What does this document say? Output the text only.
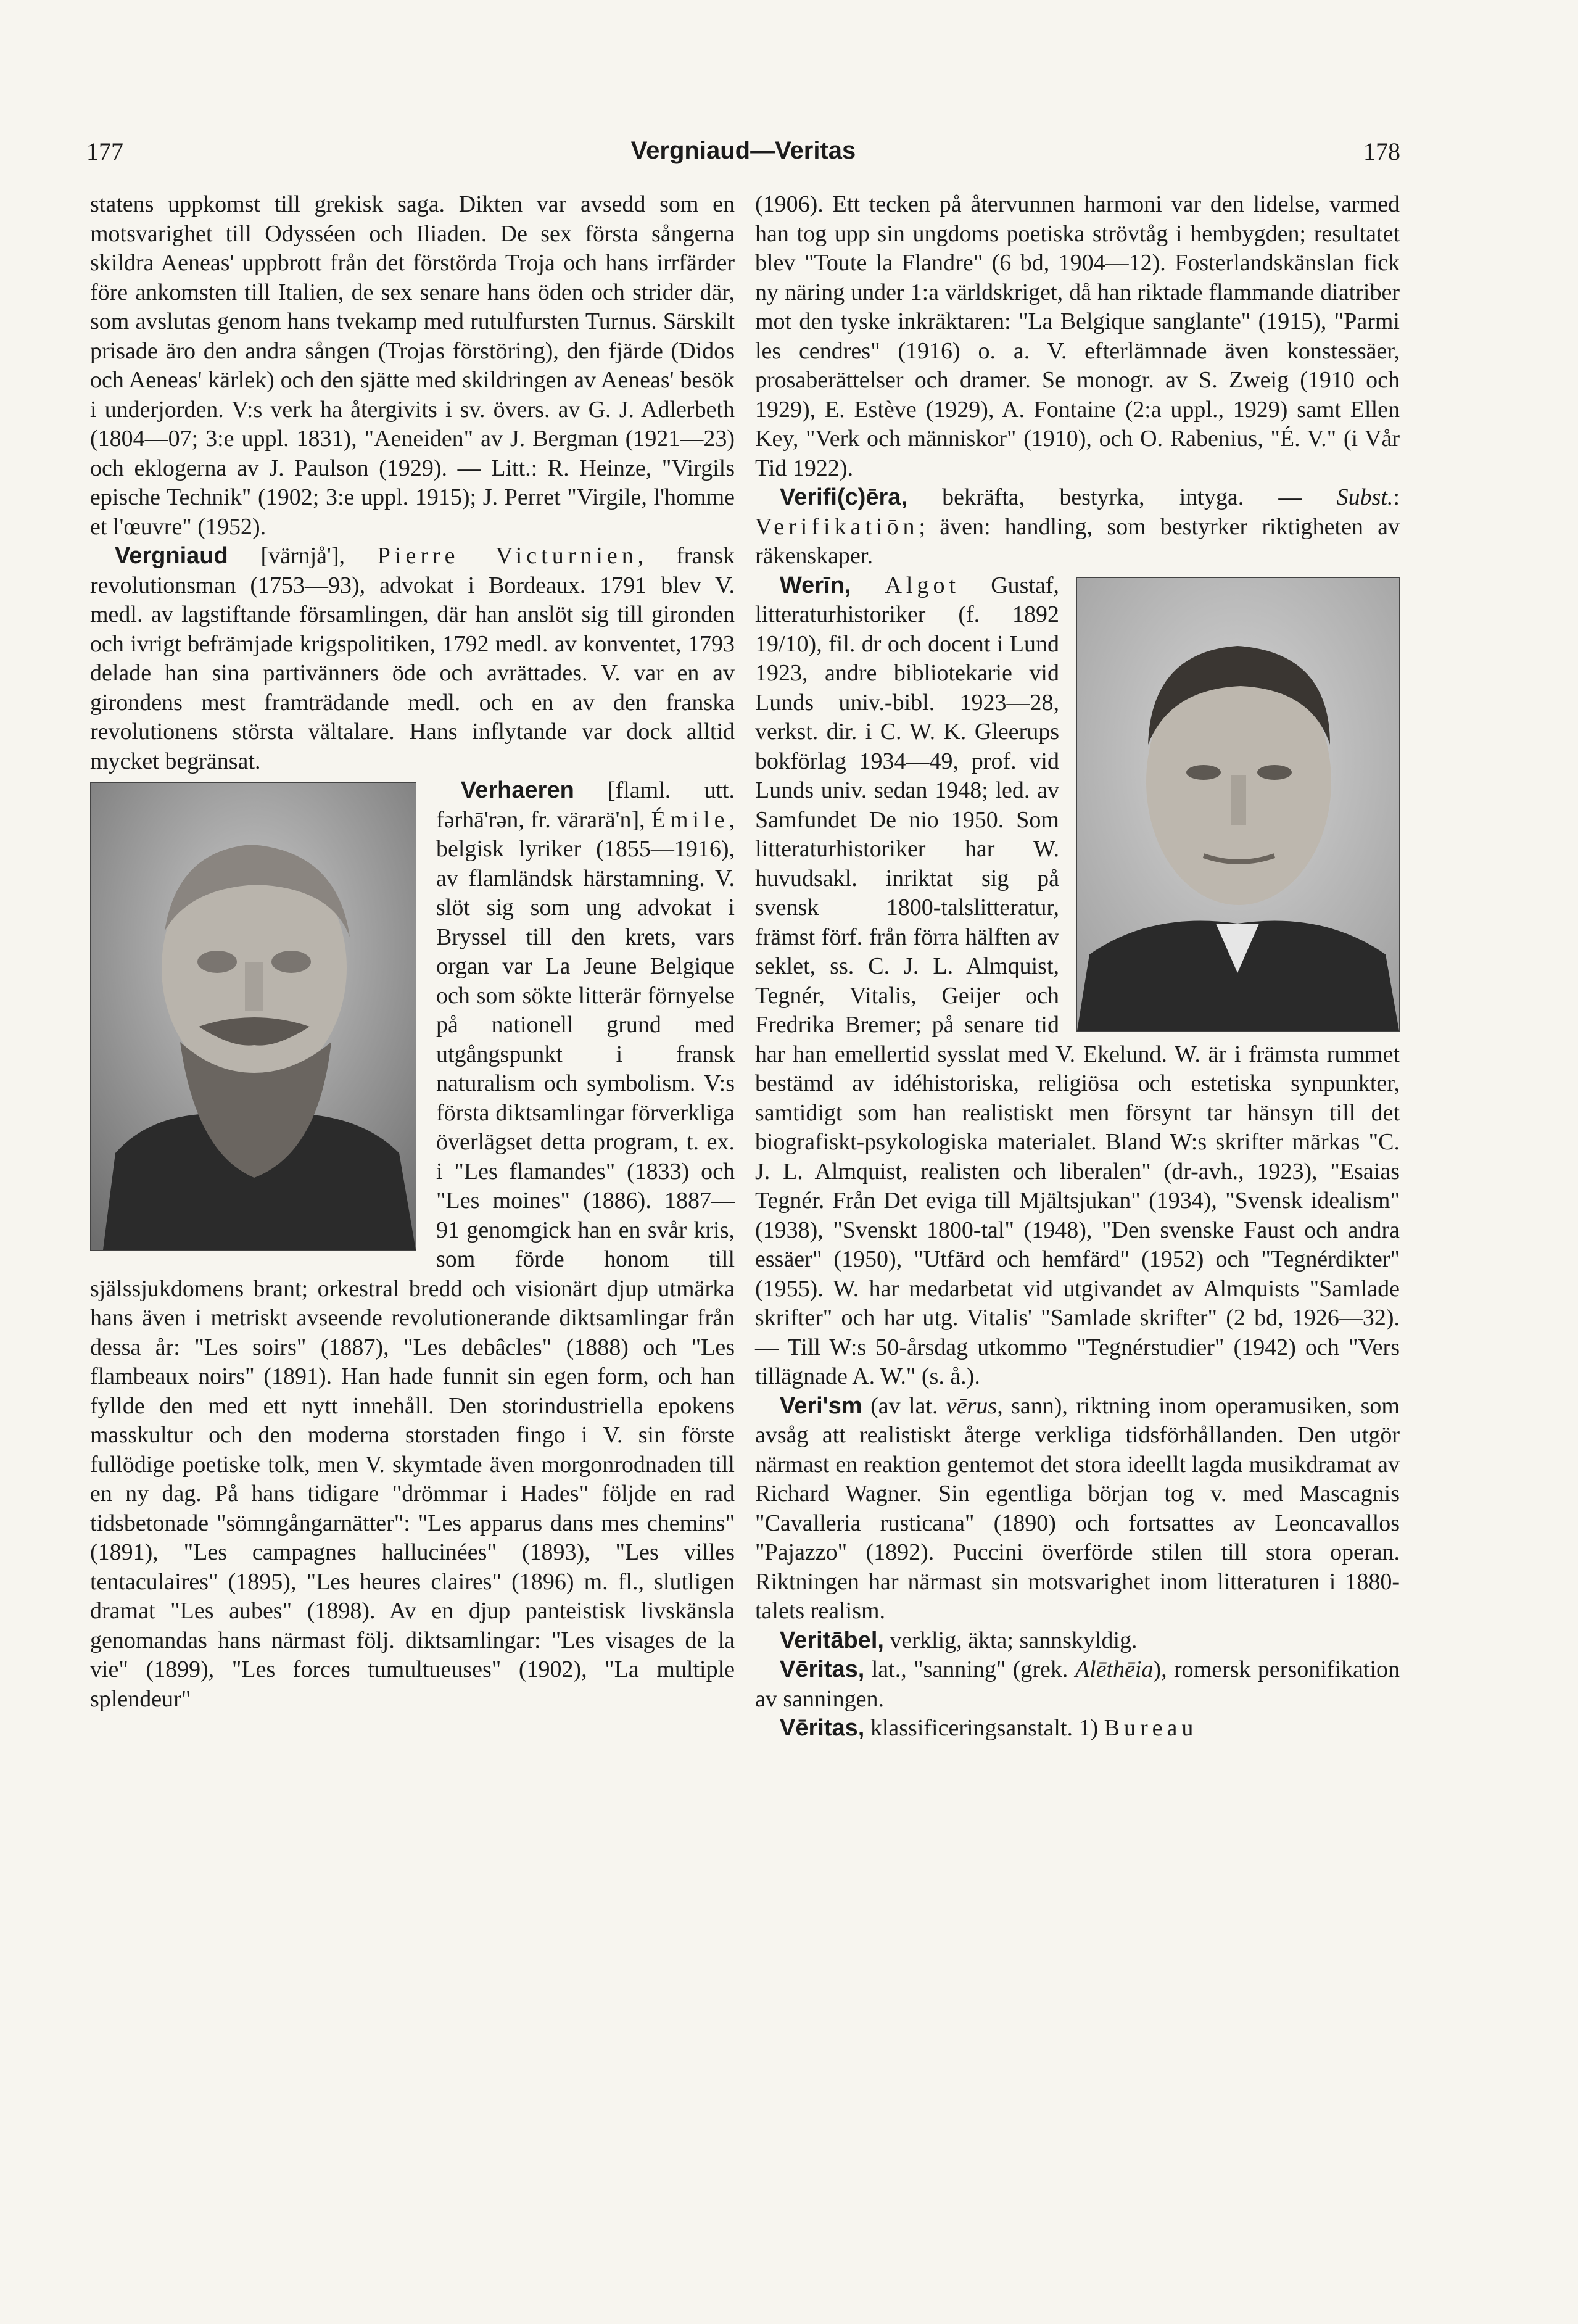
177	Vergniaud—Veritas	178

statens uppkomst till grekisk saga. Dikten var avsedd som en motsvarighet till Odysséen och Iliaden. De sex första sångerna skildra Aeneas' uppbrott från det förstörda Troja och hans irrfärder före ankomsten till Italien, de sex senare hans öden och strider där, som avslutas genom hans tvekamp med rutulfursten Turnus. Särskilt prisade äro den andra sången (Trojas förstöring), den fjärde (Didos och Aeneas' kärlek) och den sjätte med skildringen av Aeneas' besök i underjorden. V:s verk ha återgivits i sv. övers. av G. J. Adlerbeth (1804—07; 3:e uppl. 1831), "Aeneiden" av J. Bergman (1921—23) och eklogerna av J. Paulson (1929). — Litt.: R. Heinze, "Virgils epische Technik" (1902; 3:e uppl. 1915); J. Perret "Virgile, l'homme et l'œuvre" (1952).

Vergniaud [värnjå'], Pierre Victurnien, fransk revolutionsman (1753—93), advokat i Bordeaux. 1791 blev V. medl. av lagstiftande församlingen, där han anslöt sig till gironden och ivrigt befrämjade krigspolitiken, 1792 medl. av konventet, 1793 delade han sina partivänners öde och avrättades. V. var en av girondens mest framträdande medl. och en av den franska revolutionens största vältalare. Hans inflytande var dock alltid mycket begränsat.

Verhaeren [flaml. utt. fərhā'rən, fr. värarä'n], Émile, belgisk lyriker (1855—1916), av flamländsk härstamning. V. slöt sig som ung advokat i Bryssel till den krets, vars organ var La Jeune Belgique och som sökte litterär förnyelse på nationell grund med utgångspunkt i fransk naturalism och symbolism. V:s första diktsamlingar förverkliga överlägset detta program, t. ex. i "Les flamandes" (1833) och "Les moines" (1886). 1887—91 genomgick han en svår kris, som förde honom till själssjukdomens brant; orkestral bredd och visionärt djup utmärka hans även i metriskt avseende revolutionerande diktsamlingar från dessa år: "Les soirs" (1887), "Les debâcles" (1888) och "Les flambeaux noirs" (1891). Han hade funnit sin egen form, och han fyllde den med ett nytt innehåll. Den storindustriella epokens masskultur och den moderna storstaden fingo i V. sin förste fullödige poetiske tolk, men V. skymtade även morgonrodnaden till en ny dag. På hans tidigare "drömmar i Hades" följde en rad tidsbetonade "sömngångarnätter": "Les apparus dans mes chemins" (1891), "Les campagnes hallucinées" (1893), "Les villes tentaculaires" (1895), "Les heures claires" (1896) m. fl., slutligen dramat "Les aubes" (1898). Av en djup panteistisk livskänsla genomandas hans närmast följ. diktsamlingar: "Les visages de la vie" (1899), "Les forces tumultueuses" (1902), "La multiple splendeur"

(1906). Ett tecken på återvunnen harmoni var den lidelse, varmed han tog upp sin ungdoms poetiska strövtåg i hembygden; resultatet blev "Toute la Flandre" (6 bd, 1904—12). Fosterlandskänslan fick ny näring under 1:a världskriget, då han riktade flammande diatriber mot den tyske inkräktaren: "La Belgique sanglante" (1915), "Parmi les cendres" (1916) o. a. V. efterlämnade även konstessäer, prosaberättelser och dramer. Se monogr. av S. Zweig (1910 och 1929), E. Estève (1929), A. Fontaine (2:a uppl., 1929) samt Ellen Key, "Verk och människor" (1910), och O. Rabenius, "É. V." (i Vår Tid 1922).

Verifi(c)ēra, bekräfta, bestyrka, intyga. — Subst.: Verifikatiōn; även: handling, som bestyrker riktigheten av räkenskaper.

Werīn, Algot Gustaf, litteraturhistoriker (f. 1892 19/10), fil. dr och docent i Lund 1923, andre bibliotekarie vid Lunds univ.-bibl. 1923—28, verkst. dir. i C. W. K. Gleerups bokförlag 1934—49, prof. vid Lunds univ. sedan 1948; led. av Samfundet De nio 1950. Som litteraturhistoriker har W. huvudsakl. inriktat sig på svensk 1800-talslitteratur, främst förf. från förra hälften av seklet, ss. C. J. L. Almquist, Tegnér, Vitalis, Geijer och Fredrika Bremer; på senare tid har han emellertid sysslat med V. Ekelund. W. är i främsta rummet bestämd av idéhistoriska, religiösa och estetiska synpunkter, samtidigt som han realistiskt men försynt tar hänsyn till det biografiskt-psykologiska materialet. Bland W:s skrifter märkas "C. J. L. Almquist, realisten och liberalen" (dr-avh., 1923), "Esaias Tegnér. Från Det eviga till Mjältsjukan" (1934), "Svensk idealism" (1938), "Svenskt 1800-tal" (1948), "Den svenske Faust och andra essäer" (1950), "Utfärd och hemfärd" (1952) och "Tegnérdikter" (1955). W. har medarbetat vid utgivandet av Almquists "Samlade skrifter" och har utg. Vitalis' "Samlade skrifter" (2 bd, 1926—32). — Till W:s 50-årsdag utkommo "Tegnérstudier" (1942) och "Vers tillägnade A. W." (s. å.).

Veri'sm (av lat. vērus, sann), riktning inom operamusiken, som avsåg att realistiskt återge verkliga tidsförhållanden. Den utgör närmast en reaktion gentemot det stora ideellt lagda musikdramat av Richard Wagner. Sin egentliga början tog v. med Mascagnis "Cavalleria rusticana" (1890) och fortsattes av Leoncavallos "Pajazzo" (1892). Puccini överförde stilen till stora operan. Riktningen har närmast sin motsvarighet inom litteraturen i 1880-talets realism.

Veritābel, verklig, äkta; sannskyldig.

Vēritas, lat., "sanning" (grek. Alēthēia), romersk personifikation av sanningen.

Vēritas, klassificeringsanstalt. 1) Bureau
